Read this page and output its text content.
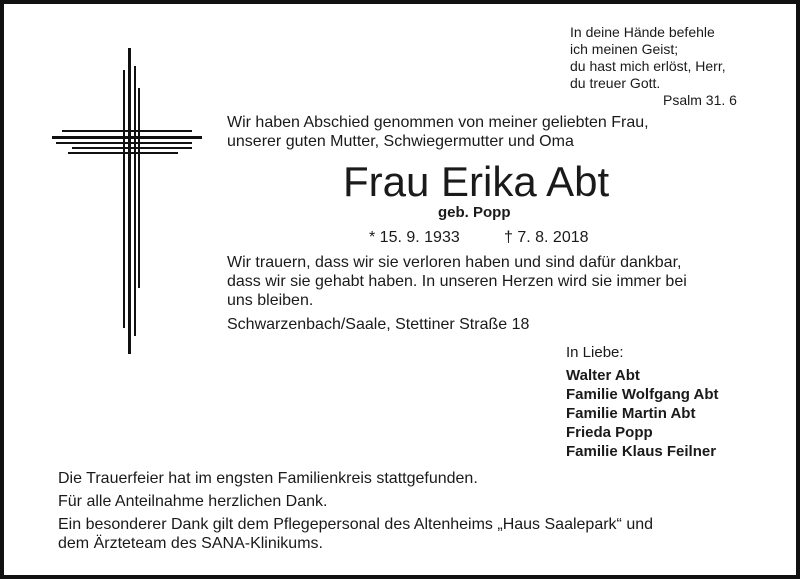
In deine Hände befehle
ich meinen Geist;
du hast mich erlöst, Herr,
du treuer Gott.
Psalm 31. 6
Wir haben Abschied genommen von meiner geliebten Frau,
unserer guten Mutter, Schwiegermutter und Oma
Frau Erika Abt
geb. Popp
* 15. 9. 1933	† 7. 8. 2018
Wir trauern, dass wir sie verloren haben und sind dafür dankbar,
dass wir sie gehabt haben. In unseren Herzen wird sie immer bei
uns bleiben.
Schwarzenbach/Saale, Stettiner Straße 18
In Liebe:
Walter Abt
Familie Wolfgang Abt
Familie Martin Abt
Frieda Popp
Familie Klaus Feilner

Die Trauerfeier hat im engsten Familienkreis stattgefunden.

Für alle Anteilnahme herzlichen Dank.

Ein besonderer Dank gilt dem Pflegepersonal des Altenheims „Haus Saalepark“ und
dem Ärzteteam des SANA-Klinikums.
